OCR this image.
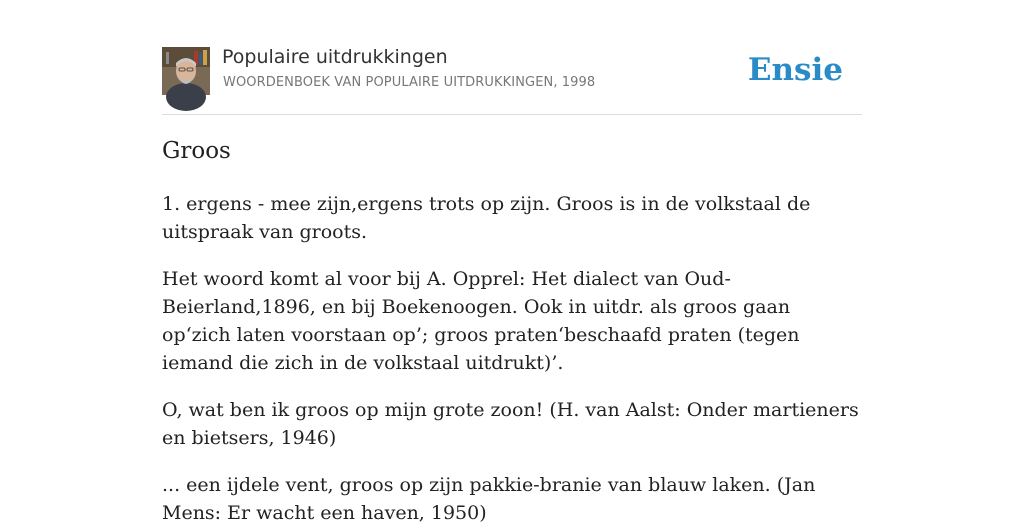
Populaire uitdrukkingen
WOORDENBOEK VAN POPULAIRE UITDRUKKINGEN, 1998	Ensie
Groos

1. ergens - mee zijn,ergens trots op zijn. Groos is in de volkstaal de uitspraak van groots.

Het woord komt al voor bij A. Opprel: Het dialect van Oud-Beierland,1896, en bij Boekenoogen. Ook in uitdr. als groos gaan op‘zich laten voorstaan op’; groos praten‘beschaafd praten (tegen iemand die zich in de volkstaal uitdrukt)’.

O, wat ben ik groos op mijn grote zoon! (H. van Aalst: Onder martieners en bietsers, 1946)

... een ijdele vent, groos op zijn pakkie-branie van blauw laken. (Jan Mens: Er wacht een haven, 1950)
